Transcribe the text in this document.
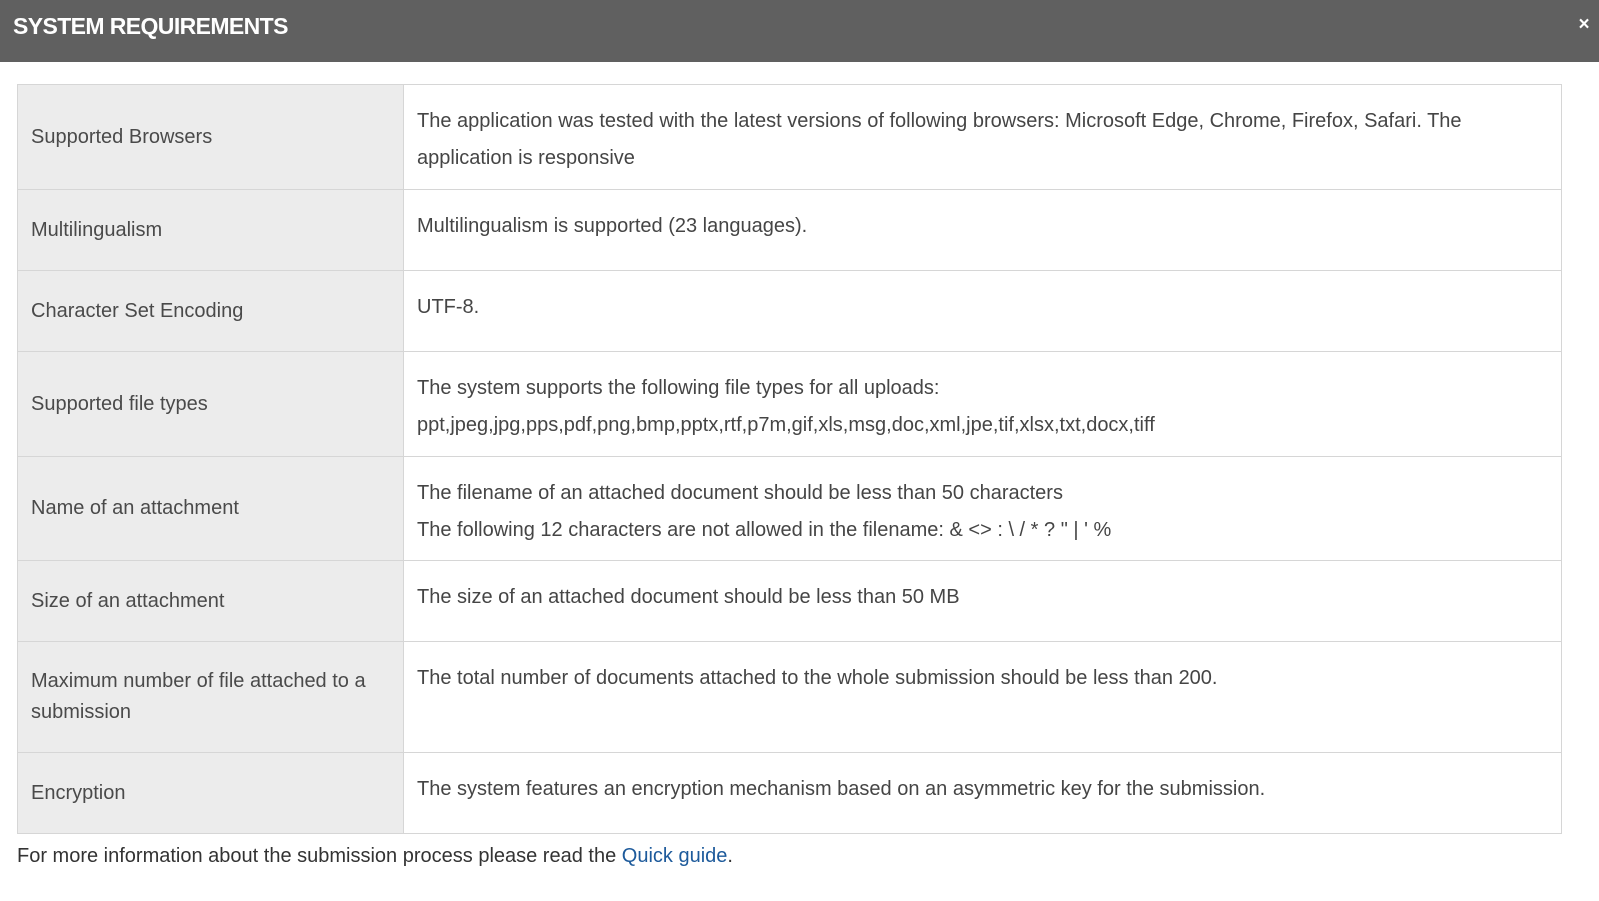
SYSTEM REQUIREMENTS	×
Supported Browsers	The application was tested with the latest versions of following browsers: Microsoft Edge, Chrome, Firefox, Safari. The application is responsive

Multilingualism	Multilingualism is supported (23 languages).

Character Set Encoding	UTF-8.

Supported file types	The system supports the following file types for all uploads:
ppt,jpeg,jpg,pps,pdf,png,bmp,pptx,rtf,p7m,gif,xls,msg,doc,xml,jpe,tif,xlsx,txt,docx,tiff

Name of an attachment	The filename of an attached document should be less than 50 characters
The following 12 characters are not allowed in the filename: & <> : \ / * ? " | ' %

Size of an attachment	The size of an attached document should be less than 50 MB

Maximum number of file attached to a submission	The total number of documents attached to the whole submission should be less than 200.

Encryption	The system features an encryption mechanism based on an asymmetric key for the submission.
For more information about the submission process please read the Quick guide.
